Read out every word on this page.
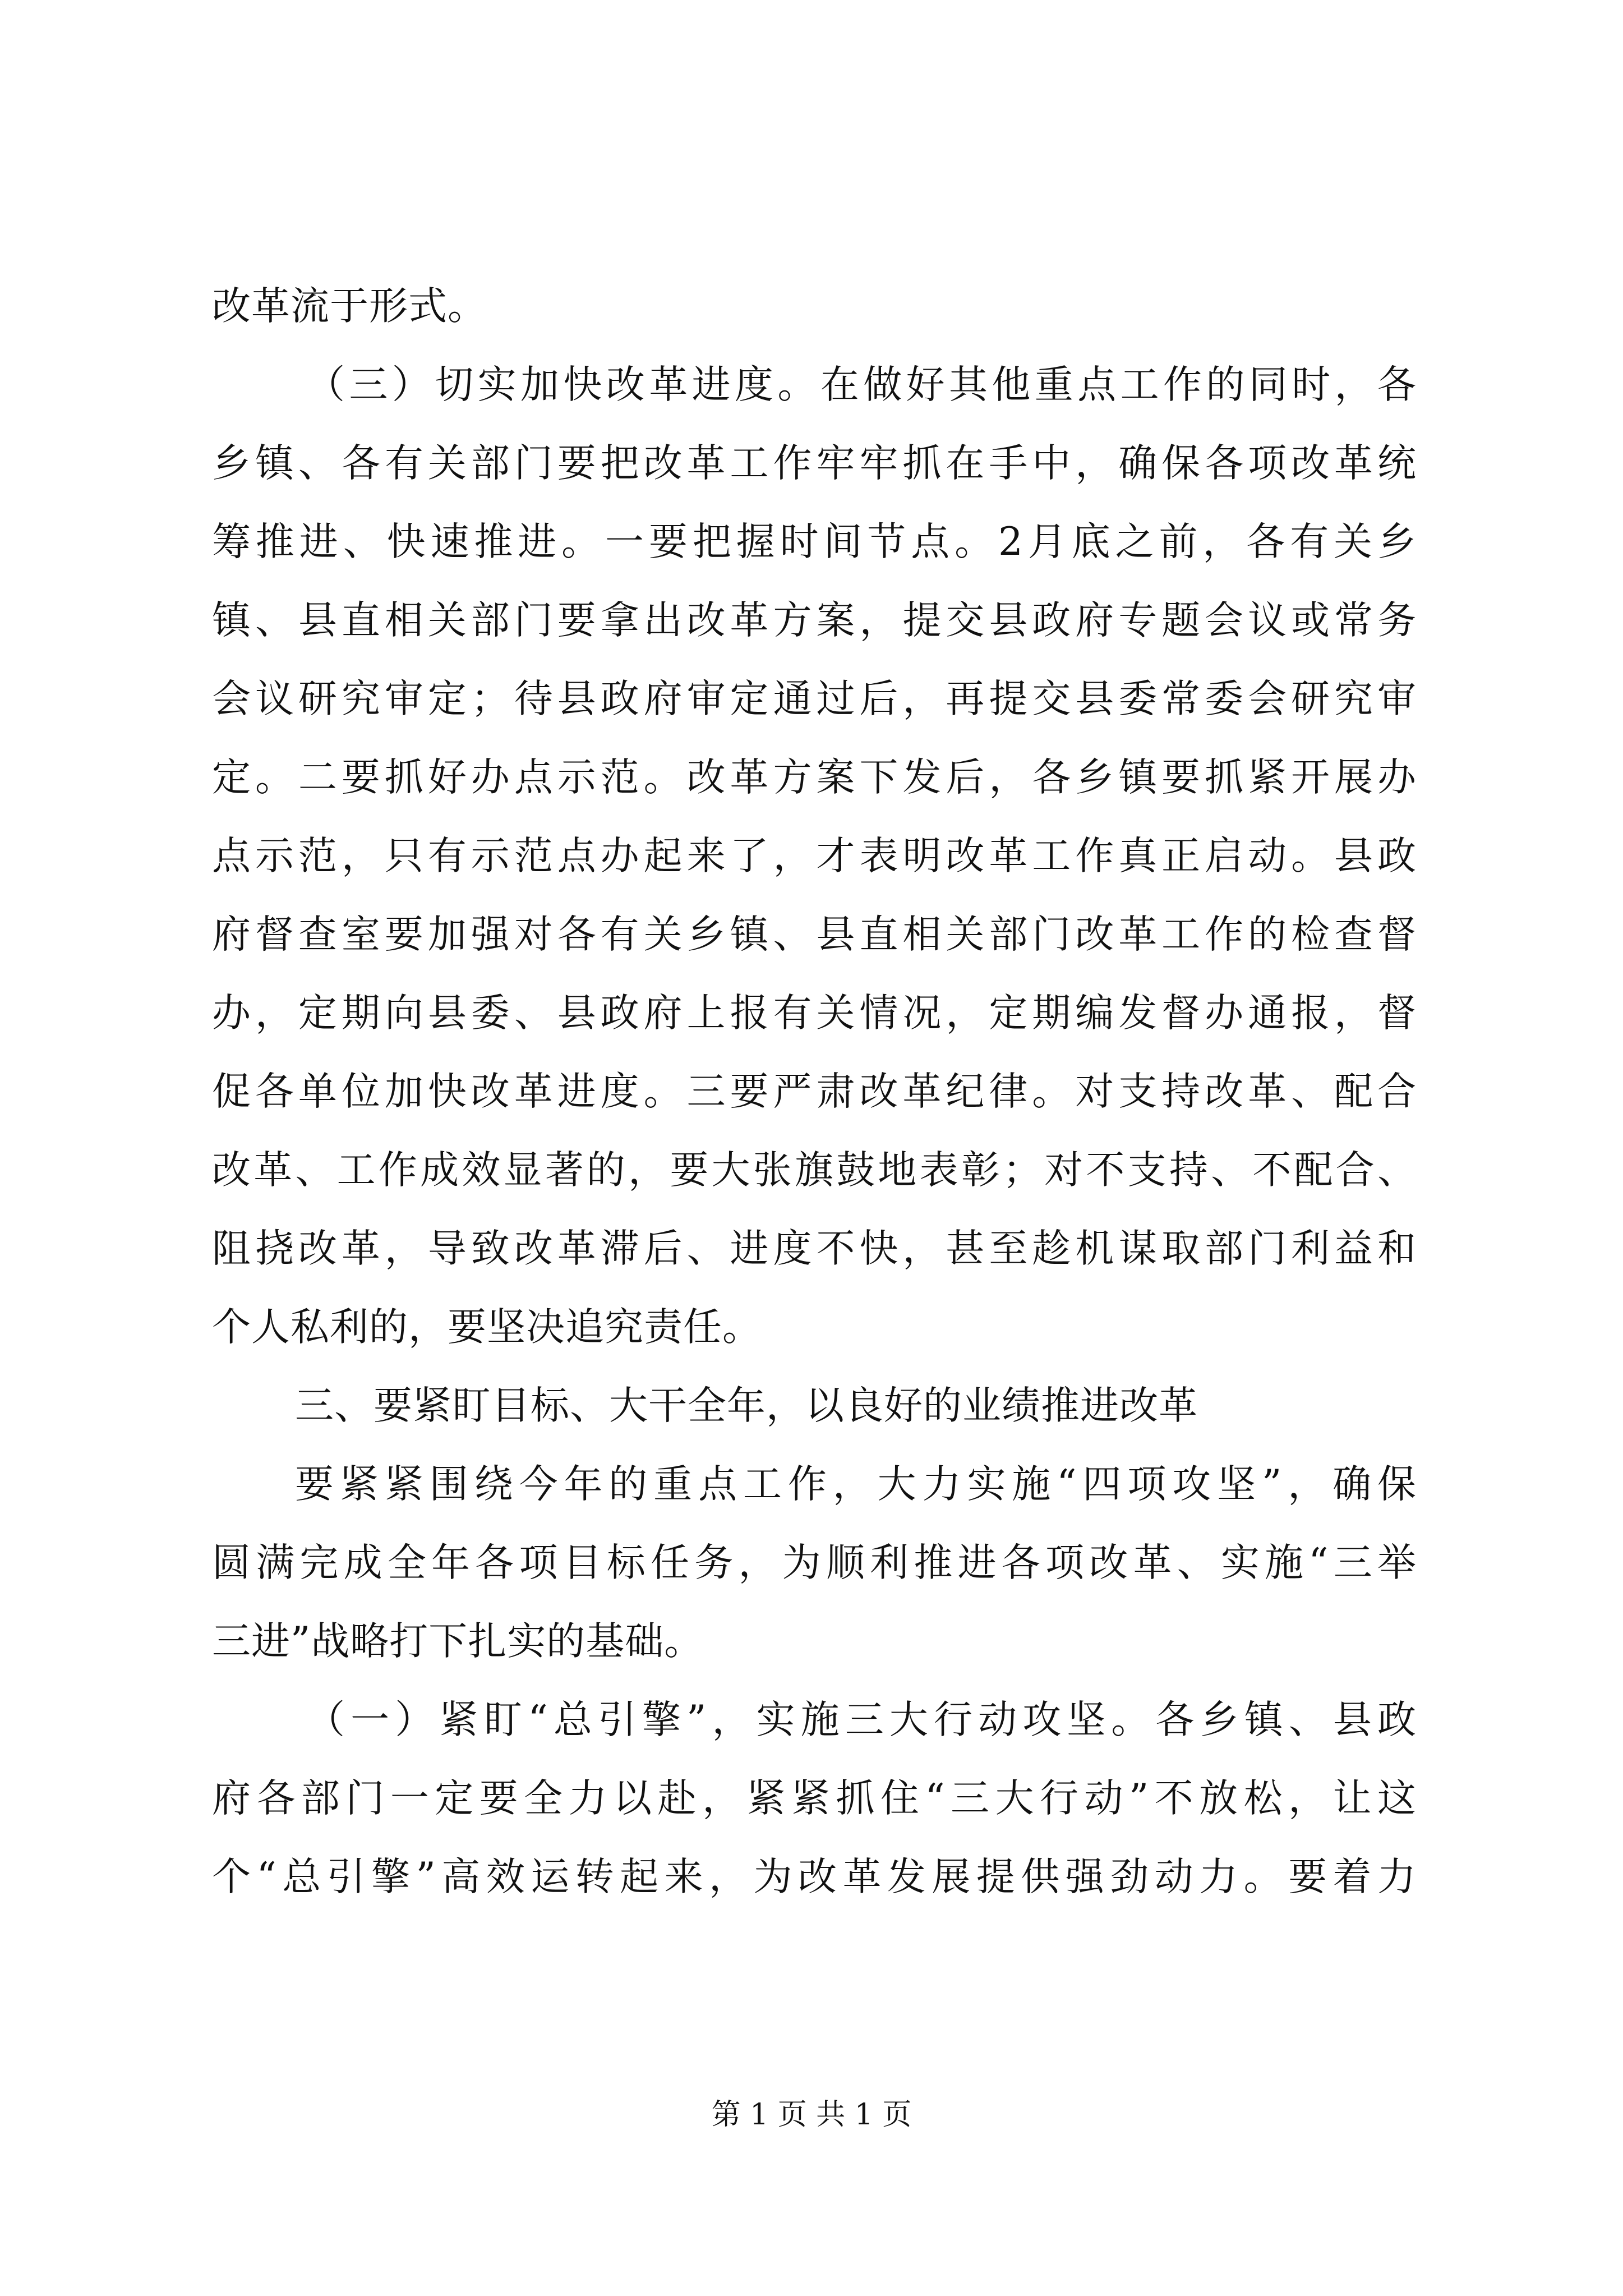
改革流于形式。
（三）切实加快改革进度。在做好其他重点工作的同时，各
乡镇、各有关部门要把改革工作牢牢抓在手中，确保各项改革统
筹推进、快速推进。一要把握时间节点。2月底之前，各有关乡
镇、县直相关部门要拿出改革方案，提交县政府专题会议或常务
会议研究审定；待县政府审定通过后，再提交县委常委会研究审
定。二要抓好办点示范。改革方案下发后，各乡镇要抓紧开展办
点示范，只有示范点办起来了，才表明改革工作真正启动。县政
府督查室要加强对各有关乡镇、县直相关部门改革工作的检查督
办，定期向县委、县政府上报有关情况，定期编发督办通报，督
促各单位加快改革进度。三要严肃改革纪律。对支持改革、配合
改革、工作成效显著的，要大张旗鼓地表彰；对不支持、不配合、
阻挠改革，导致改革滞后、进度不快，甚至趁机谋取部门利益和
个人私利的，要坚决追究责任。
三、要紧盯目标、大干全年，以良好的业绩推进改革
要紧紧围绕今年的重点工作，大力实施“四项攻坚”，确保
圆满完成全年各项目标任务，为顺利推进各项改革、实施“三举
三进”战略打下扎实的基础。
（一）紧盯“总引擎”，实施三大行动攻坚。各乡镇、县政
府各部门一定要全力以赴，紧紧抓住“三大行动”不放松，让这
个“总引擎”高效运转起来，为改革发展提供强劲动力。要着力
第 1 页 共 1 页
